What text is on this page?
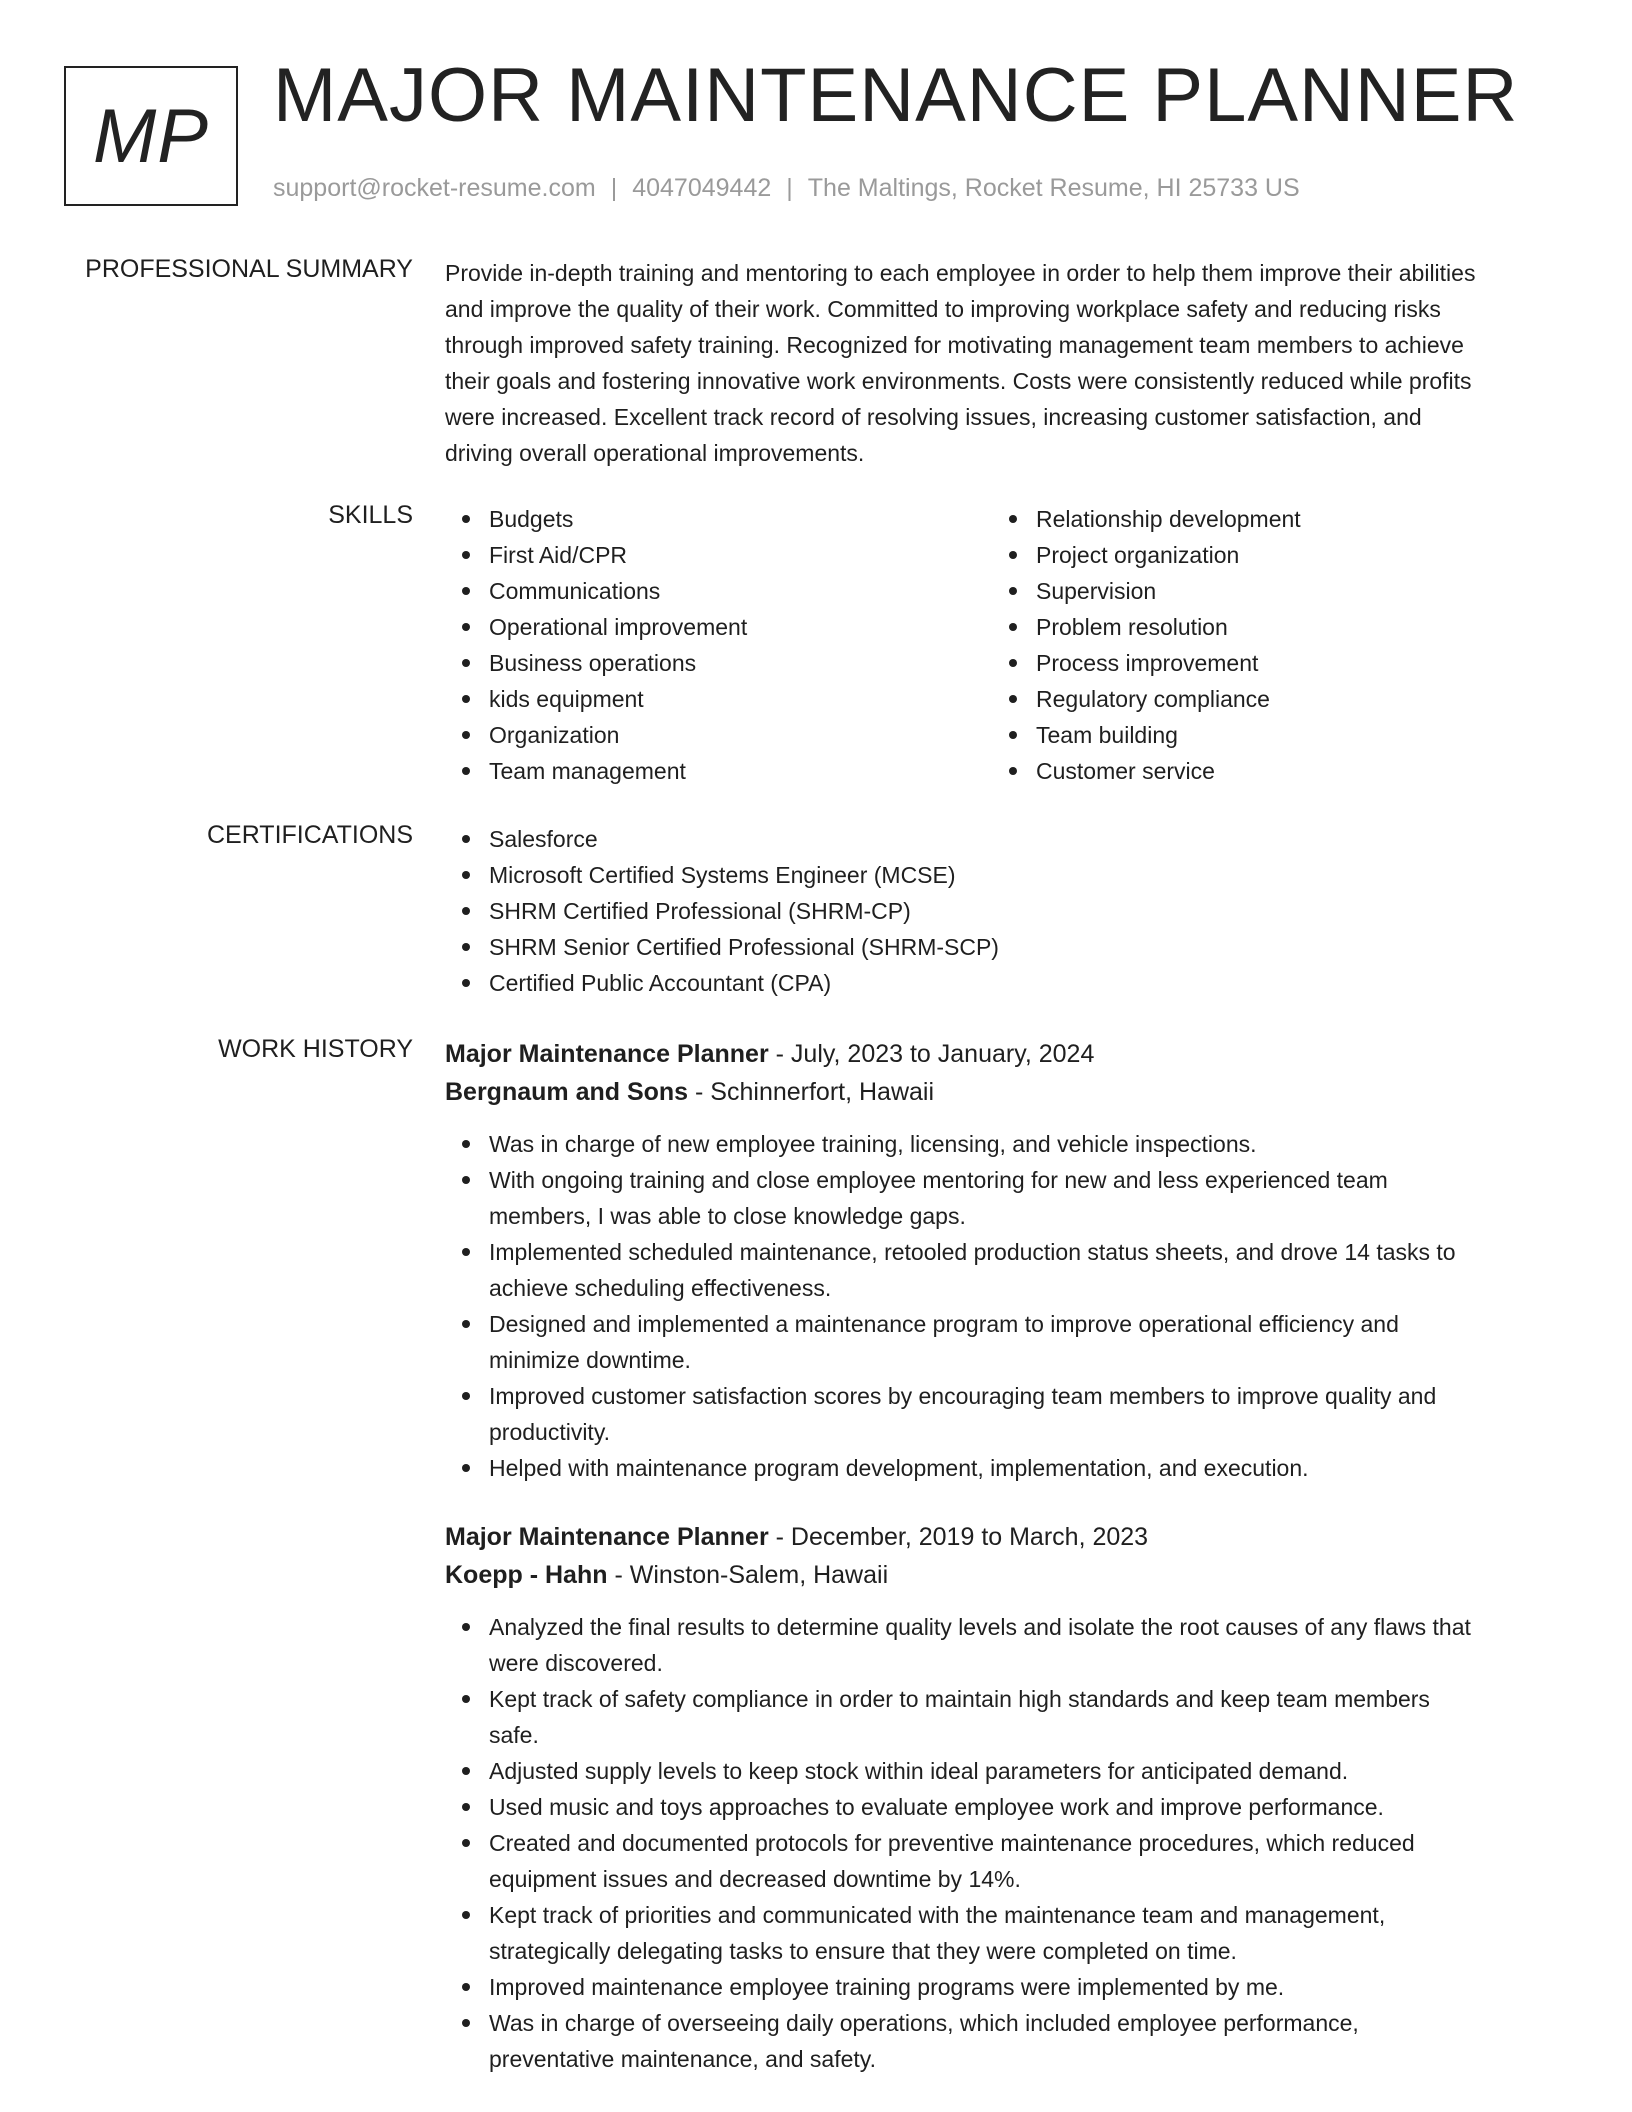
MP MAJOR MAINTENANCE PLANNER
support@rocket-resume.com | 4047049442 | The Maltings, Rocket Resume, HI 25733 US
PROFESSIONAL SUMMARY Provide in-depth training and mentoring to each employee in order to help them improve their abilities
and improve the quality of their work. Committed to improving workplace safety and reducing risks
through improved safety training. Recognized for motivating management team members to achieve
their goals and fostering innovative work environments. Costs were consistently reduced while profits
were increased. Excellent track record of resolving issues, increasing customer satisfaction, and
driving overall operational improvements.
SKILLS	Budgets
First Aid/CPR
Communications
Operational improvement
Business operations
kids equipment
Organization
Team management
Relationship development
Project organization
Supervision
Problem resolution
Process improvement
Regulatory compliance
Team building
Customer service
CERTIFICATIONS	Salesforce
Microsoft Certified Systems Engineer (MCSE)
SHRM Certified Professional (SHRM-CP)
SHRM Senior Certified Professional (SHRM-SCP)
Certified Public Accountant (CPA)
WORK HISTORY Major Maintenance Planner - July, 2023 to January, 2024
Bergnaum and Sons - Schinnerfort, Hawaii
Was in charge of new employee training, licensing, and vehicle inspections.
With ongoing training and close employee mentoring for new and less experienced team
members, I was able to close knowledge gaps.
Implemented scheduled maintenance, retooled production status sheets, and drove 14 tasks to
achieve scheduling effectiveness.
Designed and implemented a maintenance program to improve operational efficiency and
minimize downtime.
Improved customer satisfaction scores by encouraging team members to improve quality and
productivity.
Helped with maintenance program development, implementation, and execution.
Major Maintenance Planner - December, 2019 to March, 2023
Koepp - Hahn - Winston-Salem, Hawaii
Analyzed the final results to determine quality levels and isolate the root causes of any flaws that
were discovered.
Kept track of safety compliance in order to maintain high standards and keep team members
safe.
Adjusted supply levels to keep stock within ideal parameters for anticipated demand.
Used music and toys approaches to evaluate employee work and improve performance.
Created and documented protocols for preventive maintenance procedures, which reduced
equipment issues and decreased downtime by 14%.
Kept track of priorities and communicated with the maintenance team and management,
strategically delegating tasks to ensure that they were completed on time.
Improved maintenance employee training programs were implemented by me.
Was in charge of overseeing daily operations, which included employee performance,
preventative maintenance, and safety.
